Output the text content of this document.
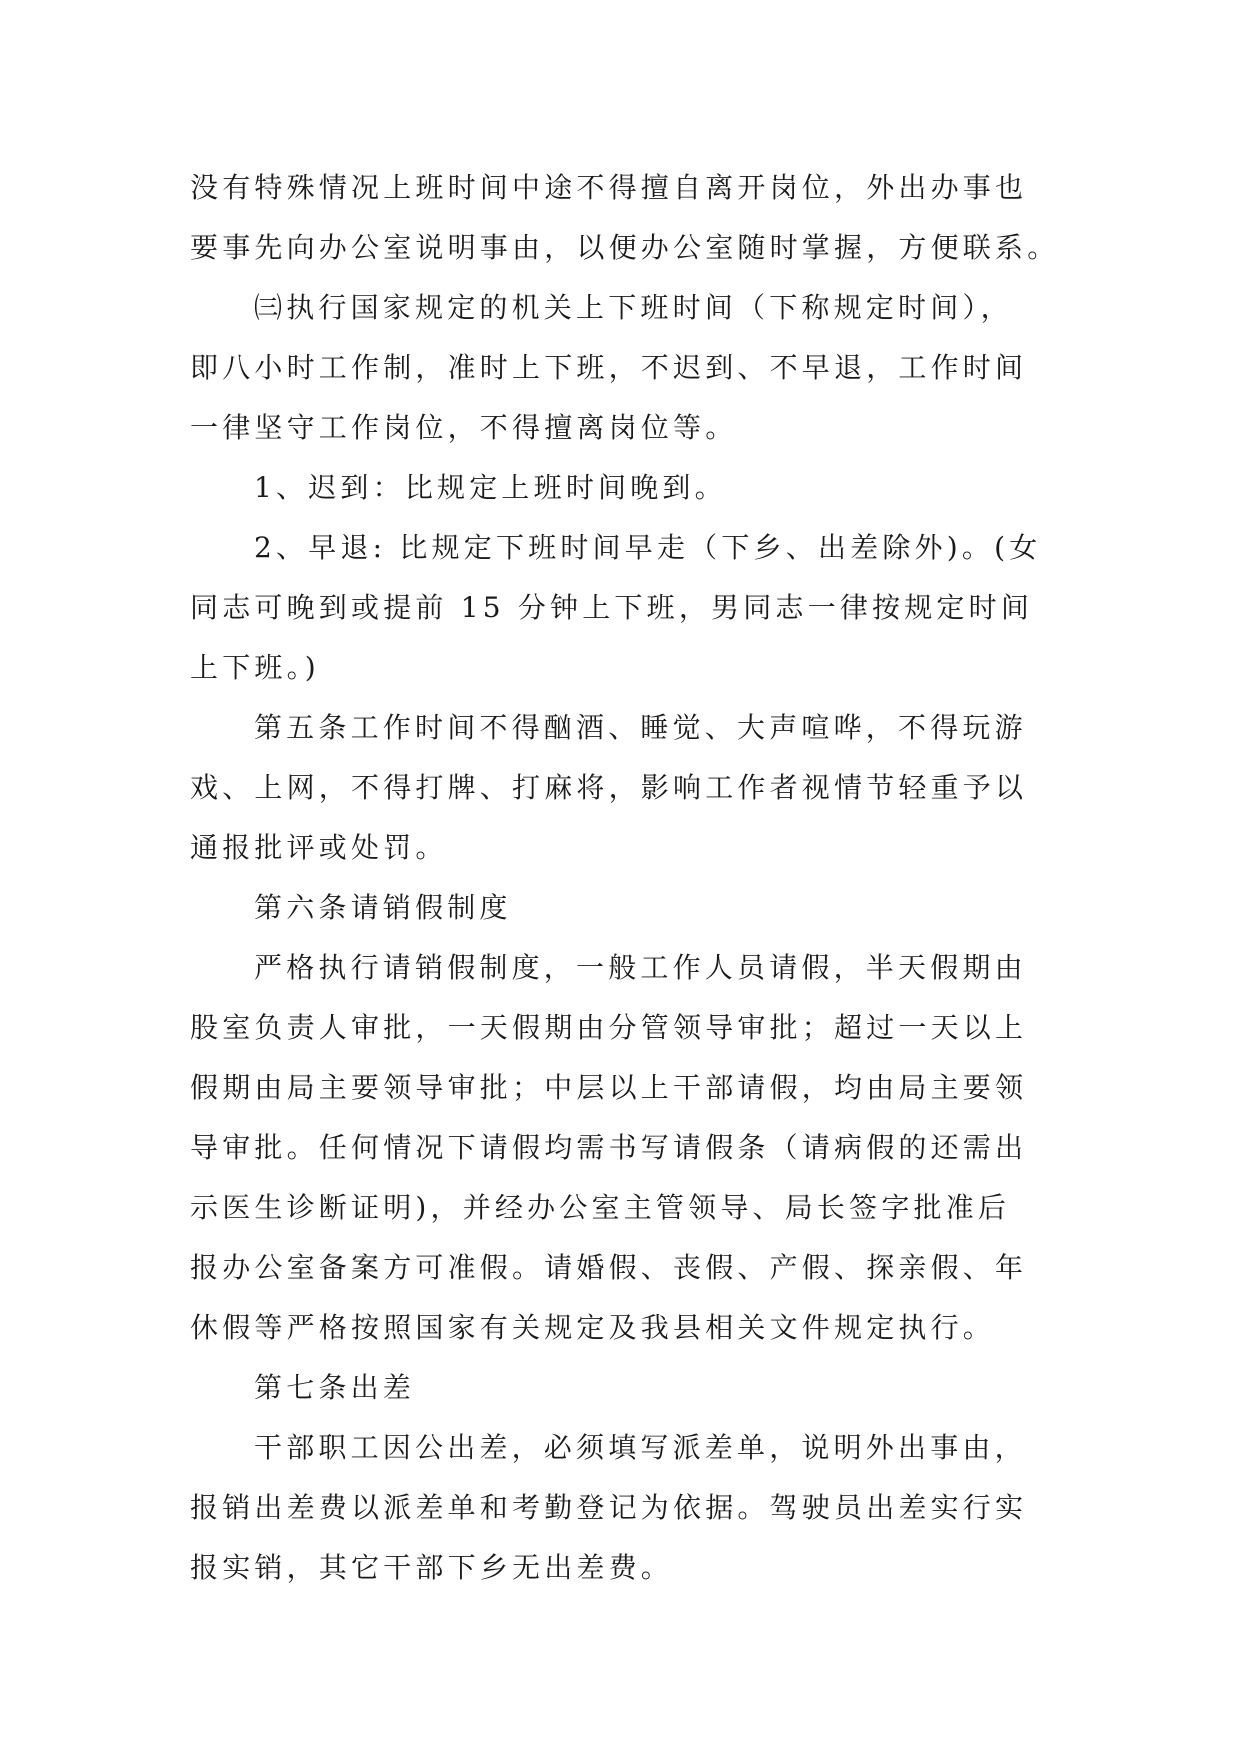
没有特殊情况上班时间中途不得擅自离开岗位，外出办事也
要事先向办公室说明事由，以便办公室随时掌握，方便联系。
㈢执行国家规定的机关上下班时间（下称规定时间），
即八小时工作制，准时上下班，不迟到、不早退，工作时间
一律坚守工作岗位，不得擅离岗位等。
1、迟到：比规定上班时间晚到。
2、早退: 比规定下班时间早走（下乡、出差除外)。(女
同志可晚到或提前 15 分钟上下班，男同志一律按规定时间
上下班。)
第五条工作时间不得酗酒、睡觉、大声喧哗，不得玩游
戏、上网，不得打牌、打麻将，影响工作者视情节轻重予以
通报批评或处罚。
第六条请销假制度
严格执行请销假制度，一般工作人员请假，半天假期由
股室负责人审批，一天假期由分管领导审批；超过一天以上
假期由局主要领导审批；中层以上干部请假，均由局主要领
导审批。任何情况下请假均需书写请假条（请病假的还需出
示医生诊断证明)，并经办公室主管领导、局长签字批准后
报办公室备案方可准假。请婚假、丧假、产假、探亲假、年
休假等严格按照国家有关规定及我县相关文件规定执行。
第七条出差
干部职工因公出差，必须填写派差单，说明外出事由，
报销出差费以派差单和考勤登记为依据。驾驶员出差实行实
报实销，其它干部下乡无出差费。
